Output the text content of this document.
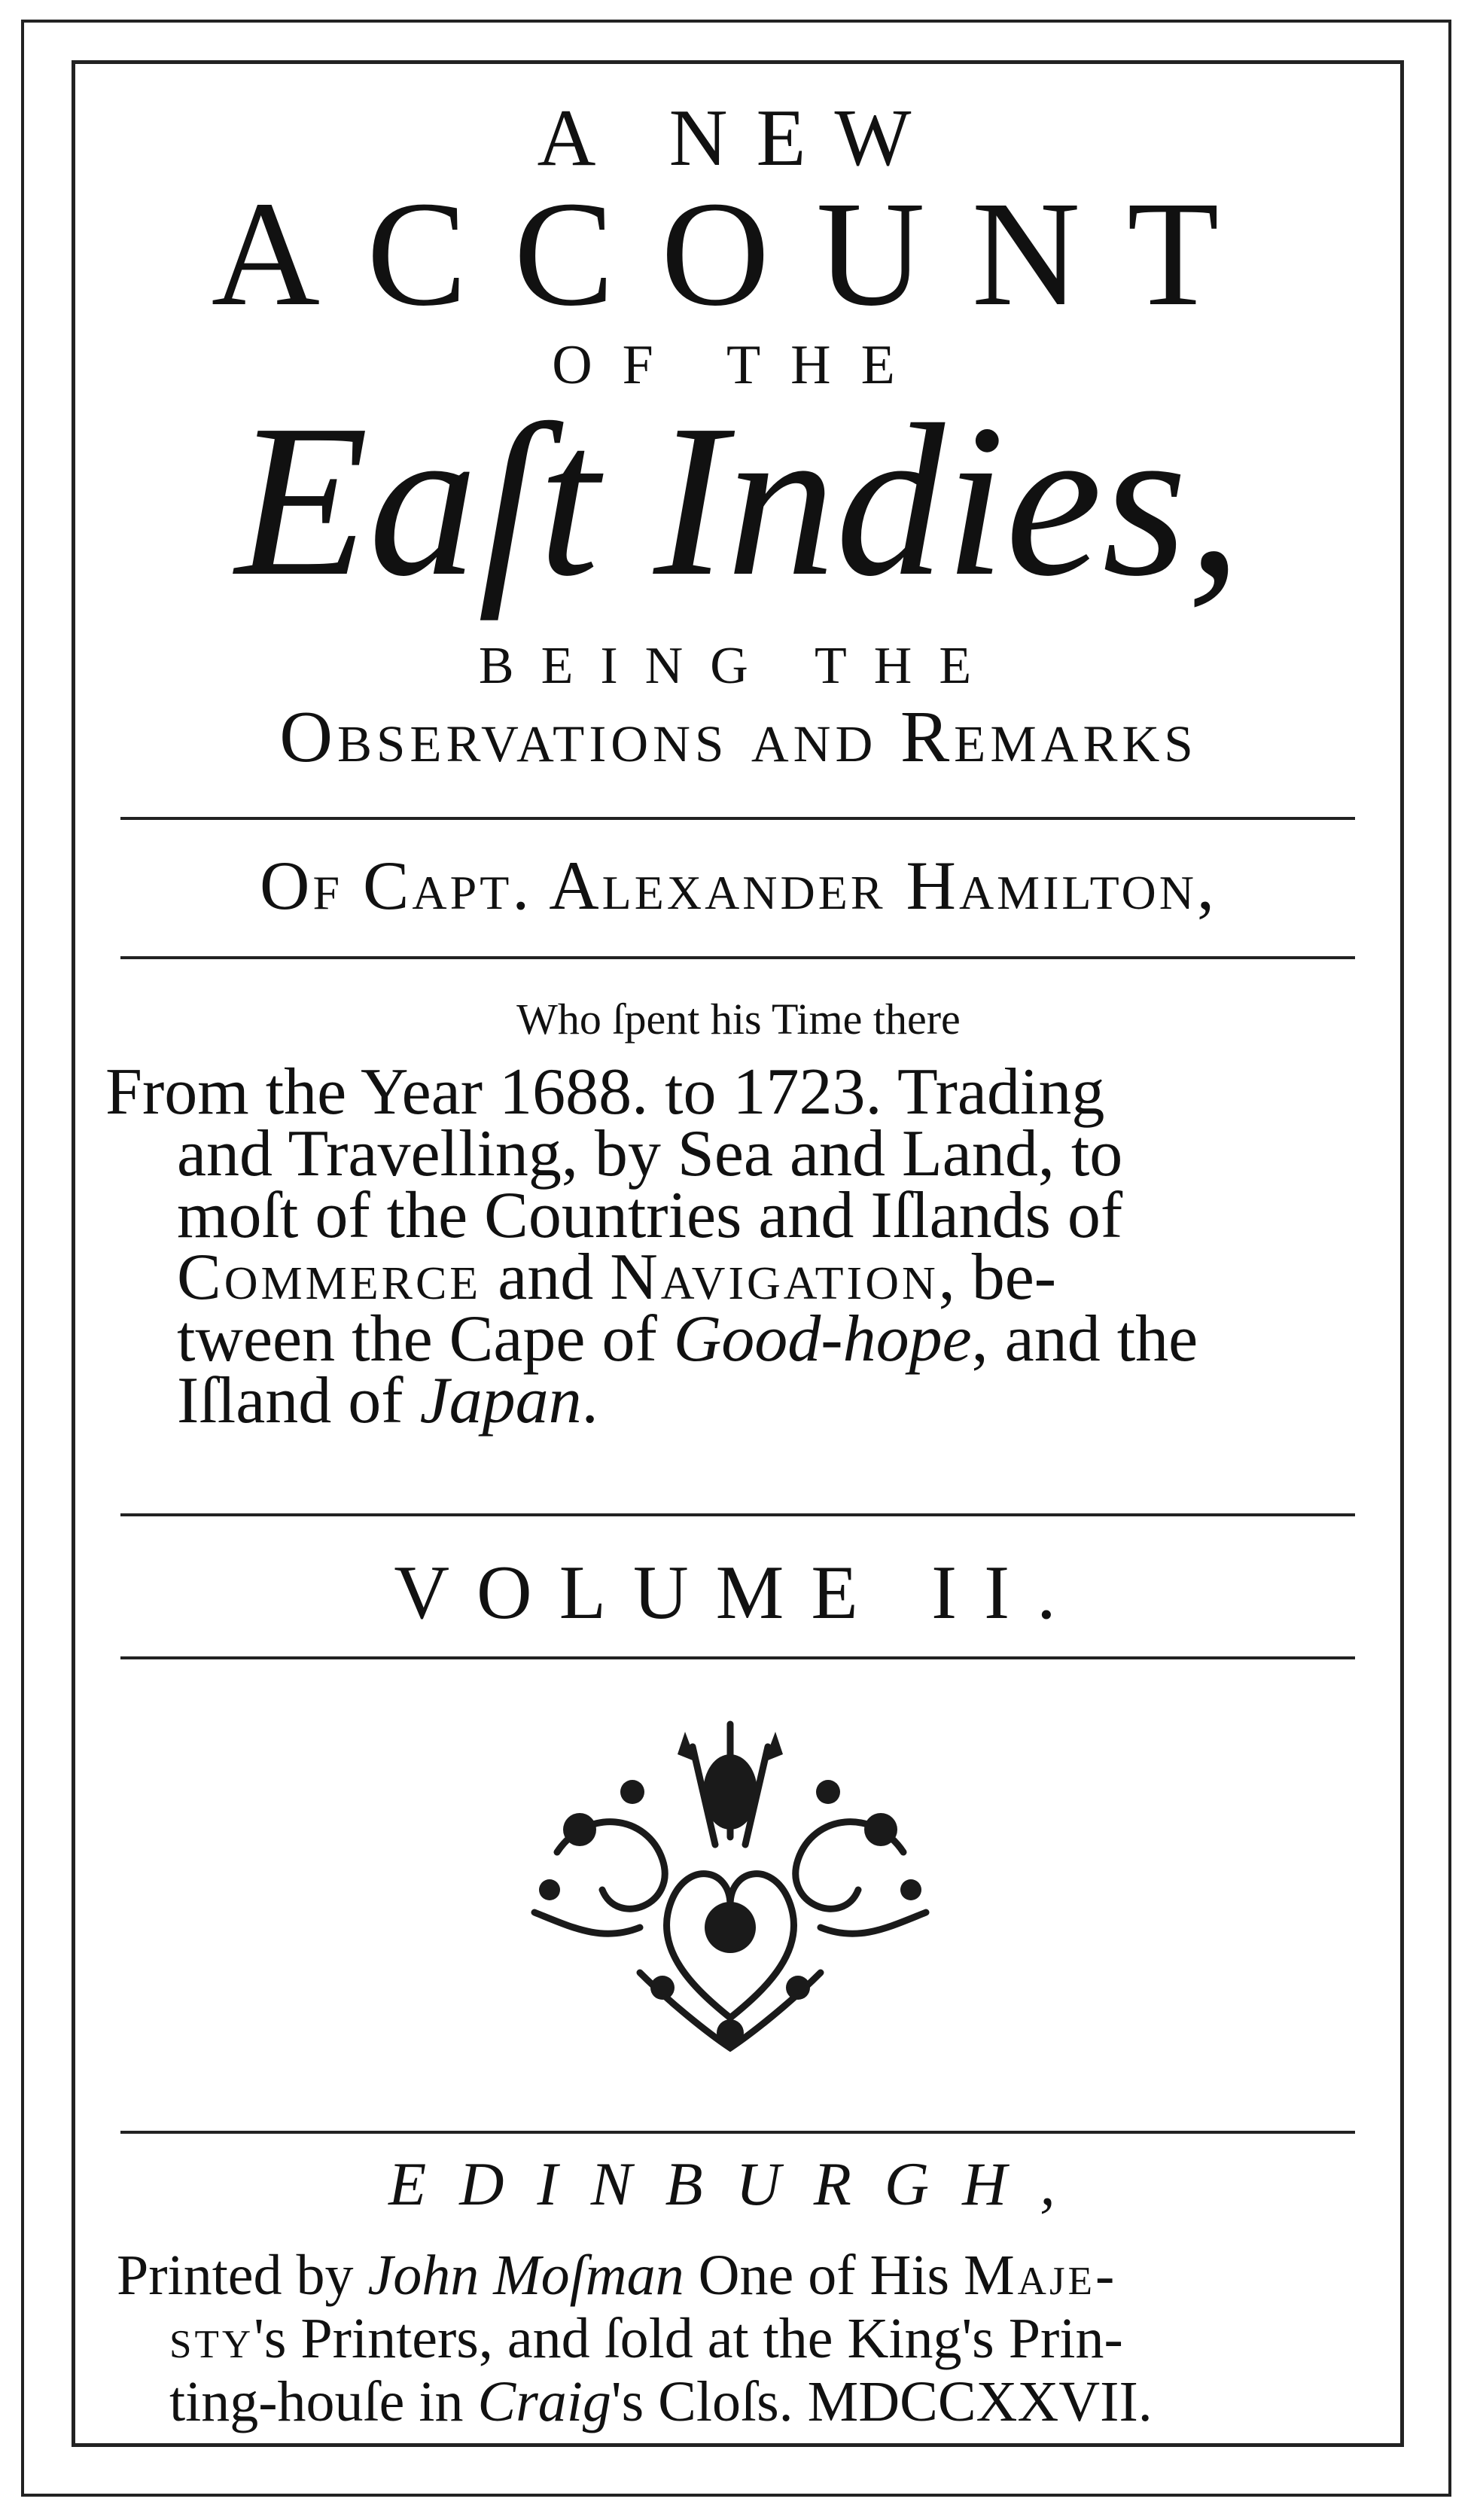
A NEW
ACCOUNT
OF THE
Eaſt Indies,
BEING THE
Observations and Remarks
Of Capt. Alexander Hamilton,
Who ſpent his Time there

From the Year 1688. to 1723. Trading

and Travelling, by Sea and Land, to

moſt of the Countries and Iſlands of

Commerce and Navigation, be-

tween the Cape of Good-hope, and the

Iſland of Japan.

VOLUME II.
EDINBURGH,

Printed by John Moſman One of His Maje-

sty's Printers, and ſold at the King's Prin-

ting-houſe in Craig's Cloſs. MDCCXXVII.
